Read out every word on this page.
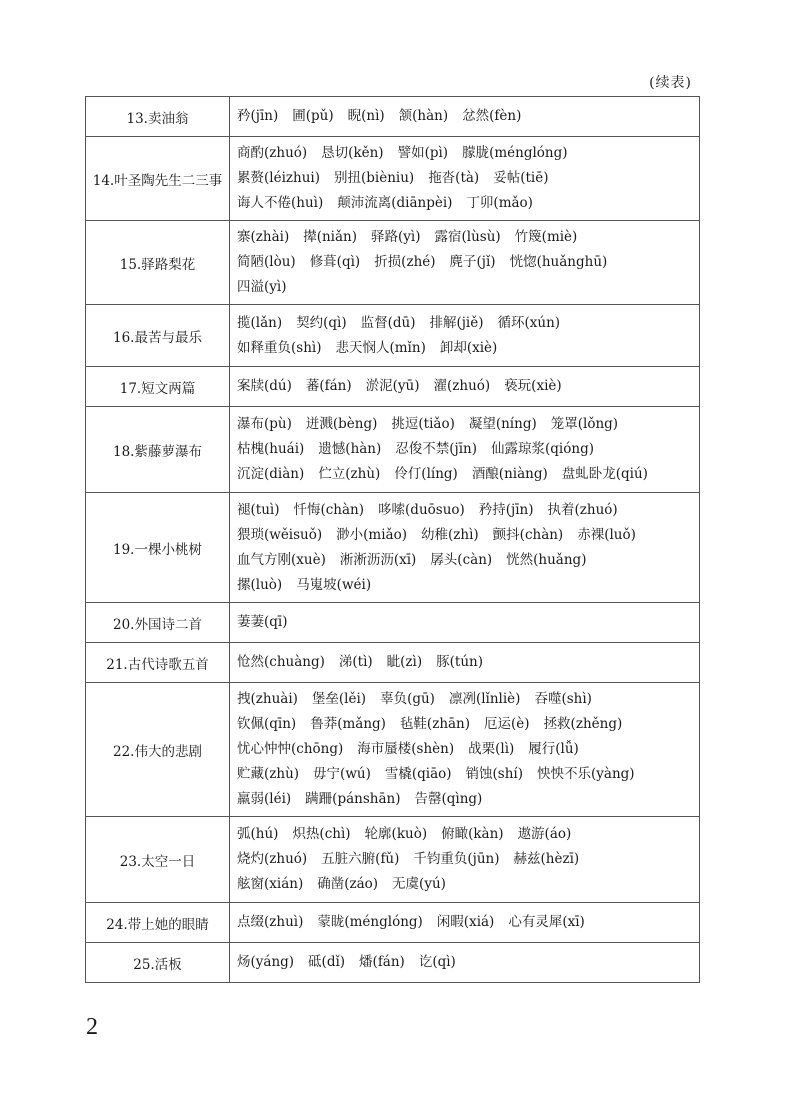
(续表)
13.卖油翁	矜(jīn) 圃(pǔ) 睨(nì) 颔(hàn) 忿然(fèn)

14.叶圣陶先生二三事	商酌(zhuó) 恳切(kěn) 譬如(pì) 朦胧(ménglóng)
累赘(léizhui) 别扭(bièniu) 拖沓(tà) 妥帖(tiē)
诲人不倦(huì) 颠沛流离(diānpèi) 丁卯(mǎo)

15.驿路梨花	寨(zhài) 撵(niǎn) 驿路(yì) 露宿(lùsù) 竹篾(miè)
简陋(lòu) 修葺(qì) 折损(zhé) 麂子(jǐ) 恍惚(huǎnghū)
四溢(yì)

16.最苦与最乐	揽(lǎn) 契约(qì) 监督(dū) 排解(jiě) 循环(xún)
如释重负(shì) 悲天悯人(mǐn) 卸却(xiè)

17.短文两篇	案牍(dú) 蕃(fán) 淤泥(yū) 濯(zhuó) 亵玩(xiè)

18.紫藤萝瀑布	瀑布(pù) 迸溅(bèng) 挑逗(tiǎo) 凝望(níng) 笼罩(lǒng)
枯槐(huái) 遗憾(hàn) 忍俊不禁(jīn) 仙露琼浆(qióng)
沉淀(diàn) 伫立(zhù) 伶仃(líng) 酒酿(niàng) 盘虬卧龙(qiú)

19.一棵小桃树	褪(tuì) 忏悔(chàn) 哆嗦(duōsuo) 矜持(jīn) 执着(zhuó)
猥琐(wěisuǒ) 渺小(miǎo) 幼稚(zhì) 颤抖(chàn) 赤裸(luǒ)
血气方刚(xuè) 淅淅沥沥(xī) 孱头(càn) 恍然(huǎng)
摞(luò) 马嵬坡(wéi)

20.外国诗二首	萋萋(qī)

21.古代诗歌五首	怆然(chuàng) 涕(tì) 眦(zì) 豚(tún)

22.伟大的悲剧	拽(zhuài) 堡垒(lěi) 辜负(gū) 凛冽(lǐnliè) 吞噬(shì)
钦佩(qīn) 鲁莽(mǎng) 毡鞋(zhān) 厄运(è) 拯救(zhěng)
忧心忡忡(chōng) 海市蜃楼(shèn) 战栗(lì) 履行(lǚ)
贮藏(zhù) 毋宁(wú) 雪橇(qiāo) 销蚀(shí) 怏怏不乐(yàng)
羸弱(léi) 蹒跚(pánshān) 告罄(qìng)

23.太空一日	弧(hú) 炽热(chì) 轮廓(kuò) 俯瞰(kàn) 遨游(áo)
烧灼(zhuó) 五脏六腑(fǔ) 千钧重负(jūn) 赫兹(hèzī)
舷窗(xián) 确凿(záo) 无虞(yú)

24.带上她的眼睛	点缀(zhuì) 蒙眬(ménglóng) 闲暇(xiá) 心有灵犀(xī)

25.活板	炀(yáng) 砥(dǐ) 燔(fán) 讫(qì)
2
